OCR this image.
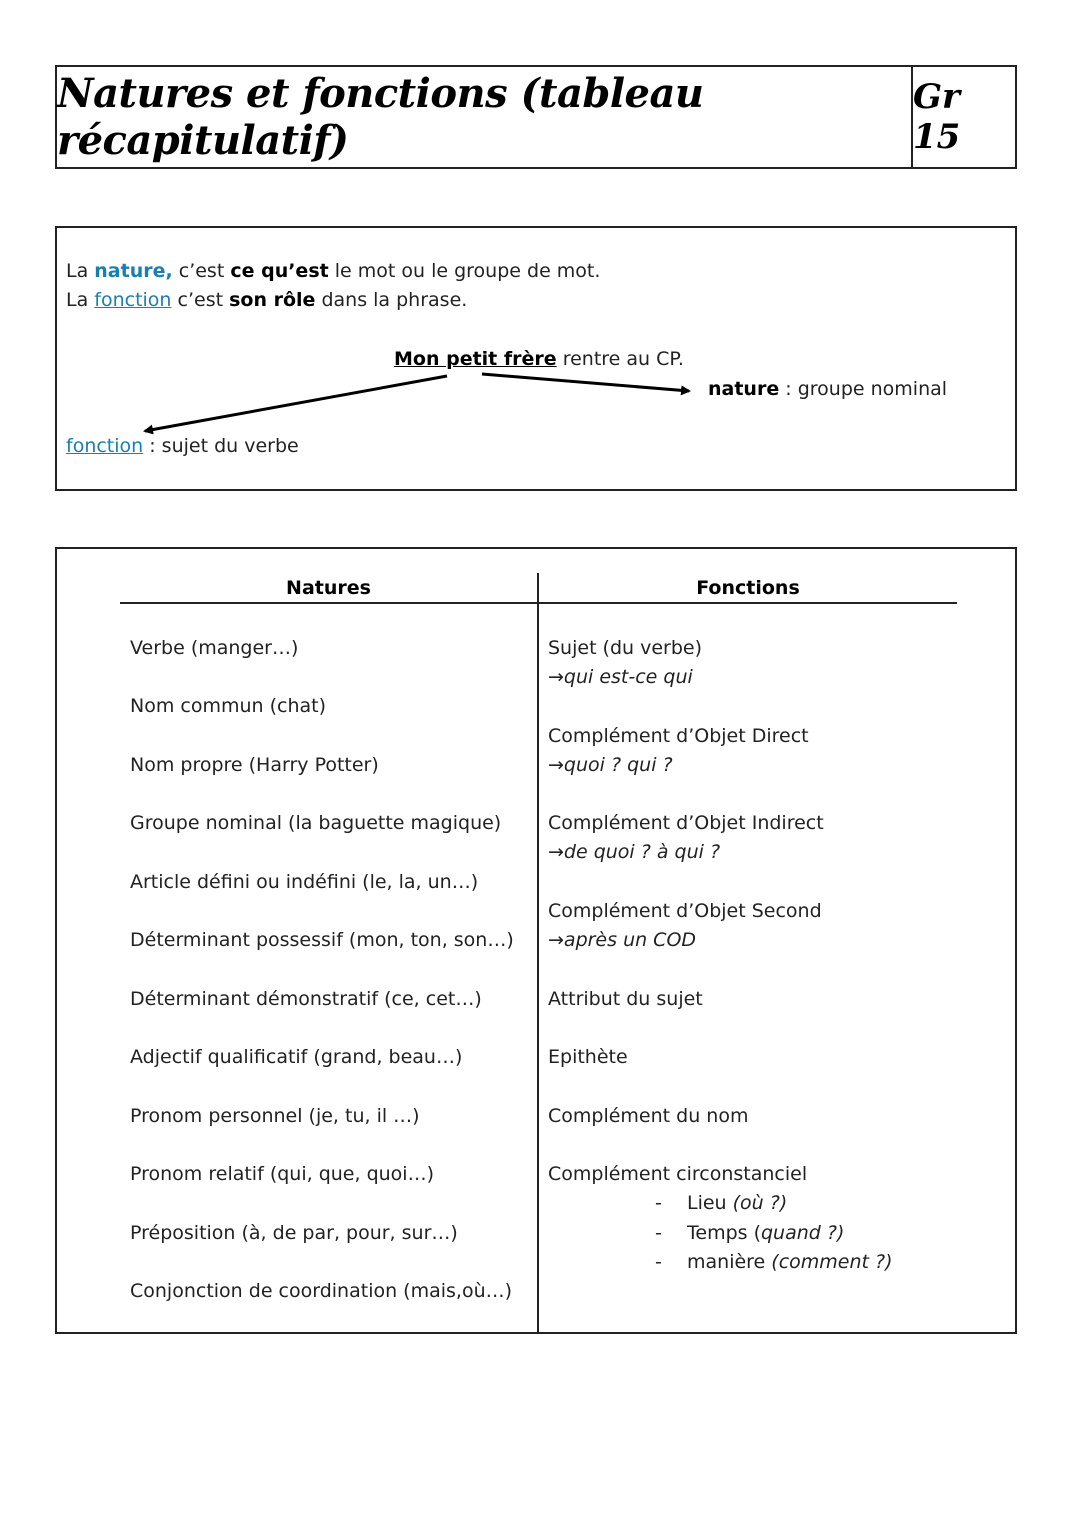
Natures et fonctions (tableau récapitulatif)
Gr 15
La nature, c’est ce qu’est le mot ou le groupe de mot.
La fonction c’est son rôle dans la phrase.
Mon petit frère rentre au CP.
nature : groupe nominal
fonction : sujet du verbe
Natures	Fonctions
Verbe (manger…)
Nom commun (chat)
Nom propre (Harry Potter)
Groupe nominal (la baguette magique)
Article défini ou indéfini (le, la, un…)
Déterminant possessif (mon, ton, son…)
Déterminant démonstratif (ce, cet…)
Adjectif qualificatif (grand, beau…)
Pronom personnel (je, tu, il …)
Pronom relatif (qui, que, quoi…)
Préposition (à, de par, pour, sur…)
Conjonction de coordination (mais,où…)
Sujet (du verbe)
→qui est-ce qui
Complément d’Objet Direct
→quoi ? qui ?
Complément d’Objet Indirect
→de quoi ? à qui ?
Complément d’Objet Second
→après un COD
Attribut du sujet
Epithète
Complément du nom
Complément circonstanciel
- Lieu (où ?)
- Temps (quand ?)
- manière (comment ?)
